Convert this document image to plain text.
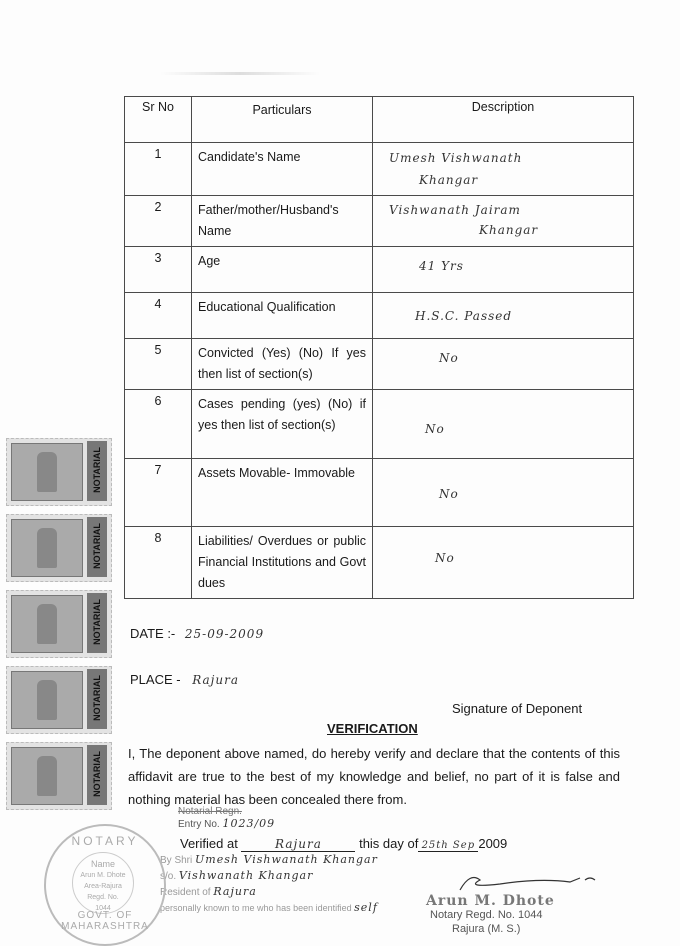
Sr No	Particulars	Description
1	Candidate's Name	Umesh Vishwanath
Khangar

2	Father/mother/Husband's Name	Vishwanath Jairam
Khangar

3	Age	41 Yrs

4	Educational Qualification	H.S.C. Passed

5	Convicted (Yes) (No) If yes then list of section(s)	No

6	Cases pending (yes) (No) if yes then list of section(s)	No

7	Assets Movable- Immovable	No

8	Liabilities/ Overdues or public Financial Institutions and Govt dues	No
NOTARIAL
NOTARIAL
NOTARIAL
NOTARIAL
NOTARIAL
DATE :- 25-09-2009
PLACE - Rajura
Signature of Deponent
VERIFICATION
I, The deponent above named, do hereby verify and declare that the contents of this affidavit are true to the best of my knowledge and belief, no part of it is false and nothing material has been concealed there from.
Notarial Regn.
Entry No. 1023/09
Verified at	Rajura	this day of 25th Sep 2009
By Shri Umesh Vishwanath Khangar
s/o. Vishwanath Khangar
Resident of Rajura
personally known to me who has been identified self
NOTARY
Name
Arun M. Dhote
Area-Rajura
Regd. No.
1044
GOVT. OF MAHARASHTRA
Arun M. Dhote
Notary Regd. No. 1044
Rajura (M. S.)
